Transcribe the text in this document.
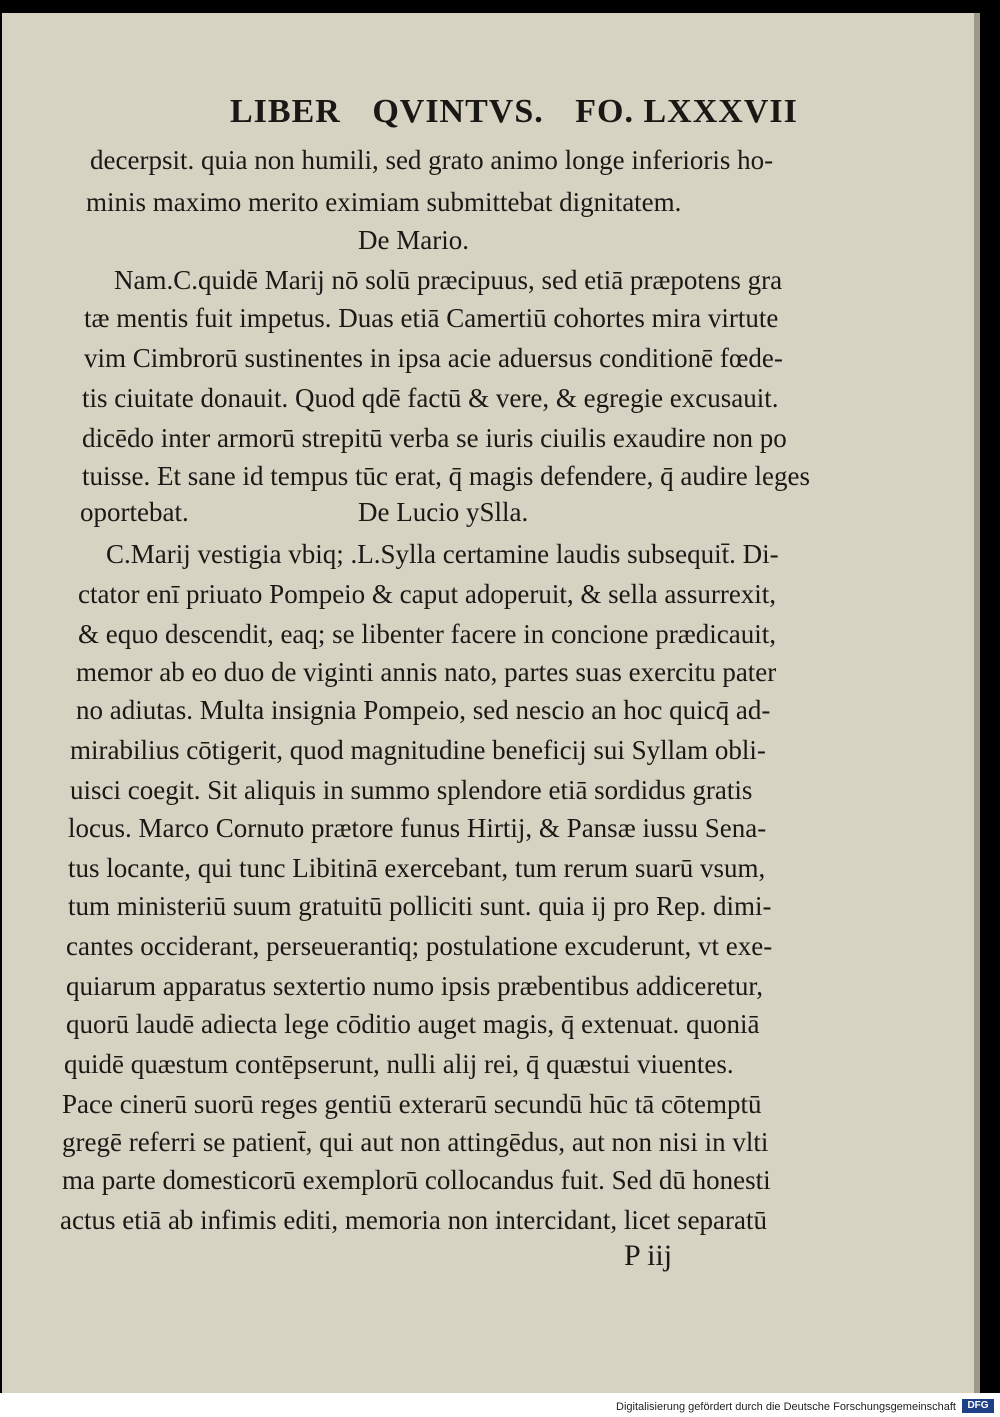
LIBER QVINTVS. FO. LXXXVII
decerpsit. quia non humili, sed grato animo longe inferioris ho-
minis maximo merito eximiam submittebat dignitatem.
De Mario.
Nam.C.quidē Marij nō solū præcipuus, sed etiā præpotens gra
tæ mentis fuit impetus. Duas etiā Camertiū cohortes mira virtute
vim Cimbrorū sustinentes in ipsa acie aduersus conditionē fœde-
tis ciuitate donauit. Quod qdē factū & vere, & egregie excusauit.
dicēdo inter armorū strepitū verba se iuris ciuilis exaudire non po
tuisse. Et sane id tempus tūc erat, q̄ magis defendere, q̄ audire leges
oportebat.	De Lucio ySlla.
C.Marij vestigia vbiq; .L.Sylla certamine laudis subsequit̄. Di-
ctator enī priuato Pompeio & caput adoperuit, & sella assurrexit,
& equo descendit, eaq; se libenter facere in concione prædicauit,
memor ab eo duo de viginti annis nato, partes suas exercitu pater
no adiutas. Multa insignia Pompeio, sed nescio an hoc quicq̄ ad-
mirabilius cōtigerit, quod magnitudine beneficij sui Syllam obli-
uisci coegit. Sit aliquis in summo splendore etiā sordidus gratis
locus. Marco Cornuto prætore funus Hirtij, & Pansæ iussu Sena-
tus locante, qui tunc Libitinā exercebant, tum rerum suarū vsum,
tum ministeriū suum gratuitū polliciti sunt. quia ij pro Rep. dimi-
cantes occiderant, perseuerantiq; postulatione excuderunt, vt exe-
quiarum apparatus sextertio numo ipsis præbentibus addiceretur,
quorū laudē adiecta lege cōditio auget magis, q̄ extenuat. quoniā
quidē quæstum contēpserunt, nulli alij rei, q̄ quæstui viuentes.
Pace cinerū suorū reges gentiū exterarū secundū hūc tā cōtemptū
gregē referri se patient̄, qui aut non attingēdus, aut non nisi in vlti
ma parte domesticorū exemplorū collocandus fuit. Sed dū honesti
actus etiā ab infimis editi, memoria non intercidant, licet separatū
P iij
Digitalisierung gefördert durch die Deutsche Forschungsgemeinschaft	DFG
